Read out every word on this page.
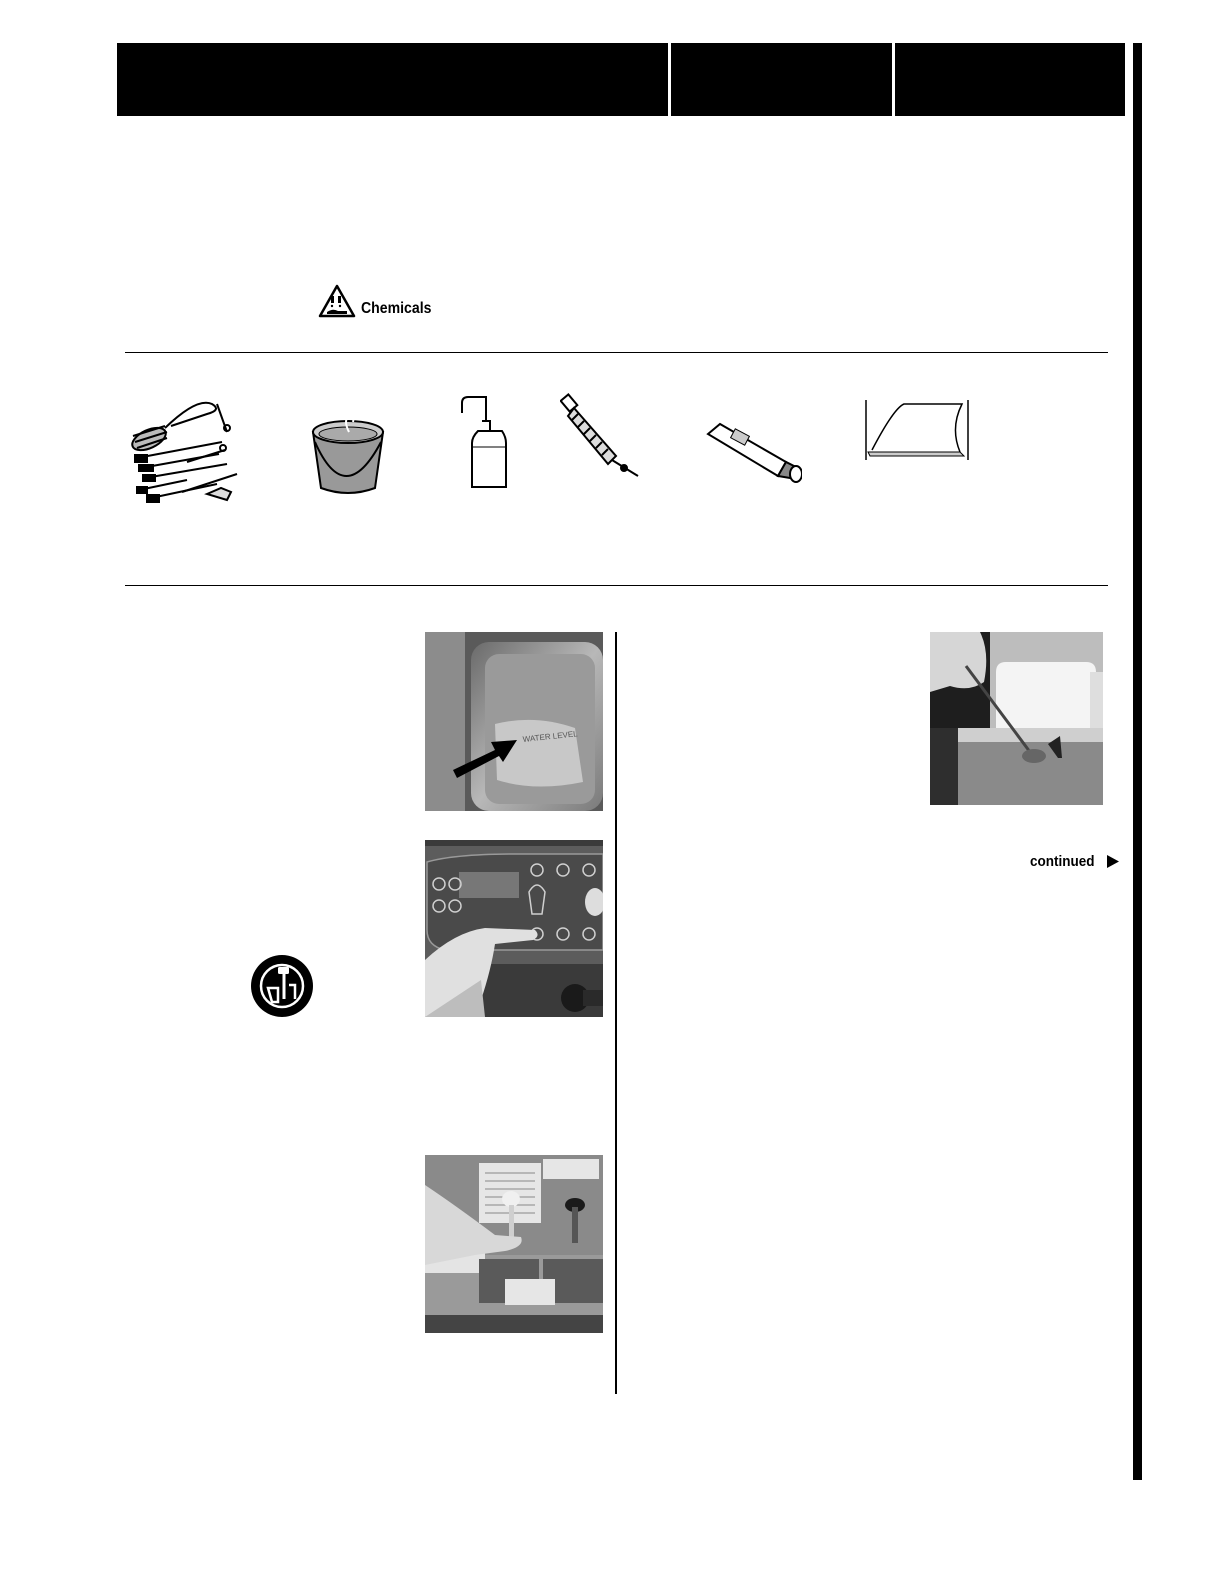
Chemicals
WATER LEVEL
continued
